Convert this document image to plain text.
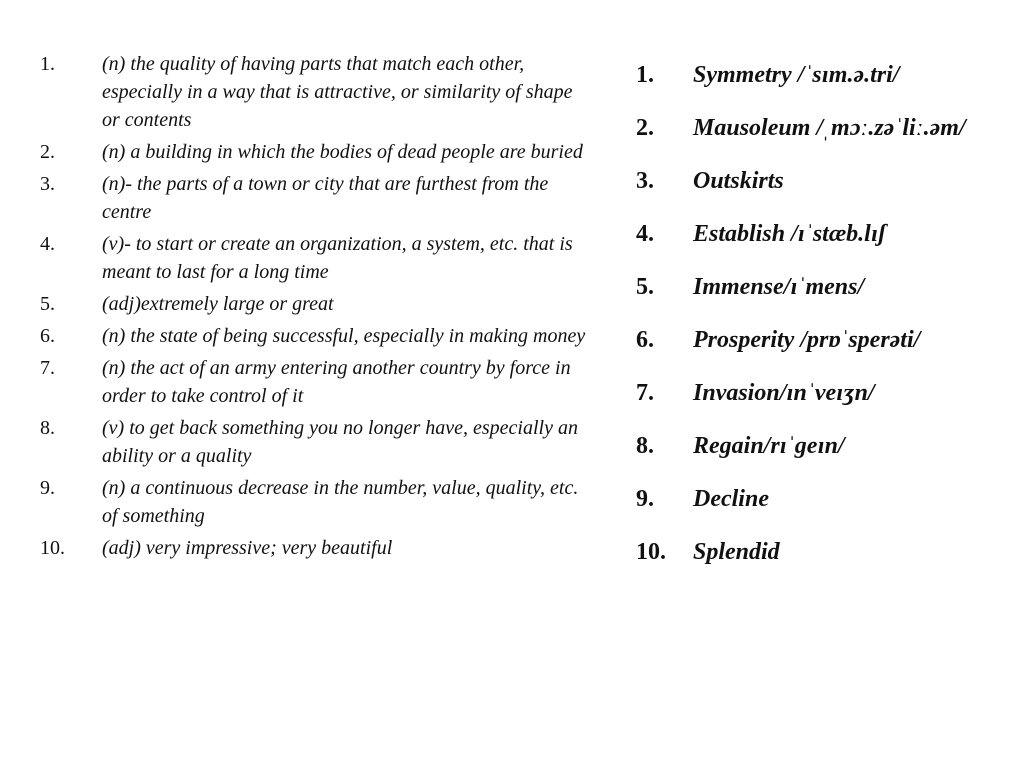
1.	(n) the quality of having parts that match each other, especially in a way that is attractive, or similarity of shape or contents
2.	(n) a building in which the bodies of dead people are buried
3.	(n)- the parts of a town or city that are furthest from the centre
4.	(v)- to start or create an organization, a system, etc. that is meant to last for a long time
5.	(adj)extremely large or great
6.	(n) the state of being successful, especially in making money
7.	(n) the act of an army entering another country by force in order to take control of it
8.	(v) to get back something you no longer have, especially an ability or a quality
9.	(n) a continuous decrease in the number, value, quality, etc. of something
10.	(adj) very impressive; very beautiful
1.	Symmetry /ˈsɪm.ə.tri/
2.	Mausoleum /ˌmɔː.zəˈliː.əm/
3.	Outskirts
4.	Establish /ɪˈstæb.lɪʃ
5.	Immense/ɪˈmens/
6.	Prosperity /prɒˈsperəti/
7.	Invasion/ɪnˈveɪʒn/
8.	Regain/rɪˈɡeɪn/
9.	Decline
10.	Splendid
